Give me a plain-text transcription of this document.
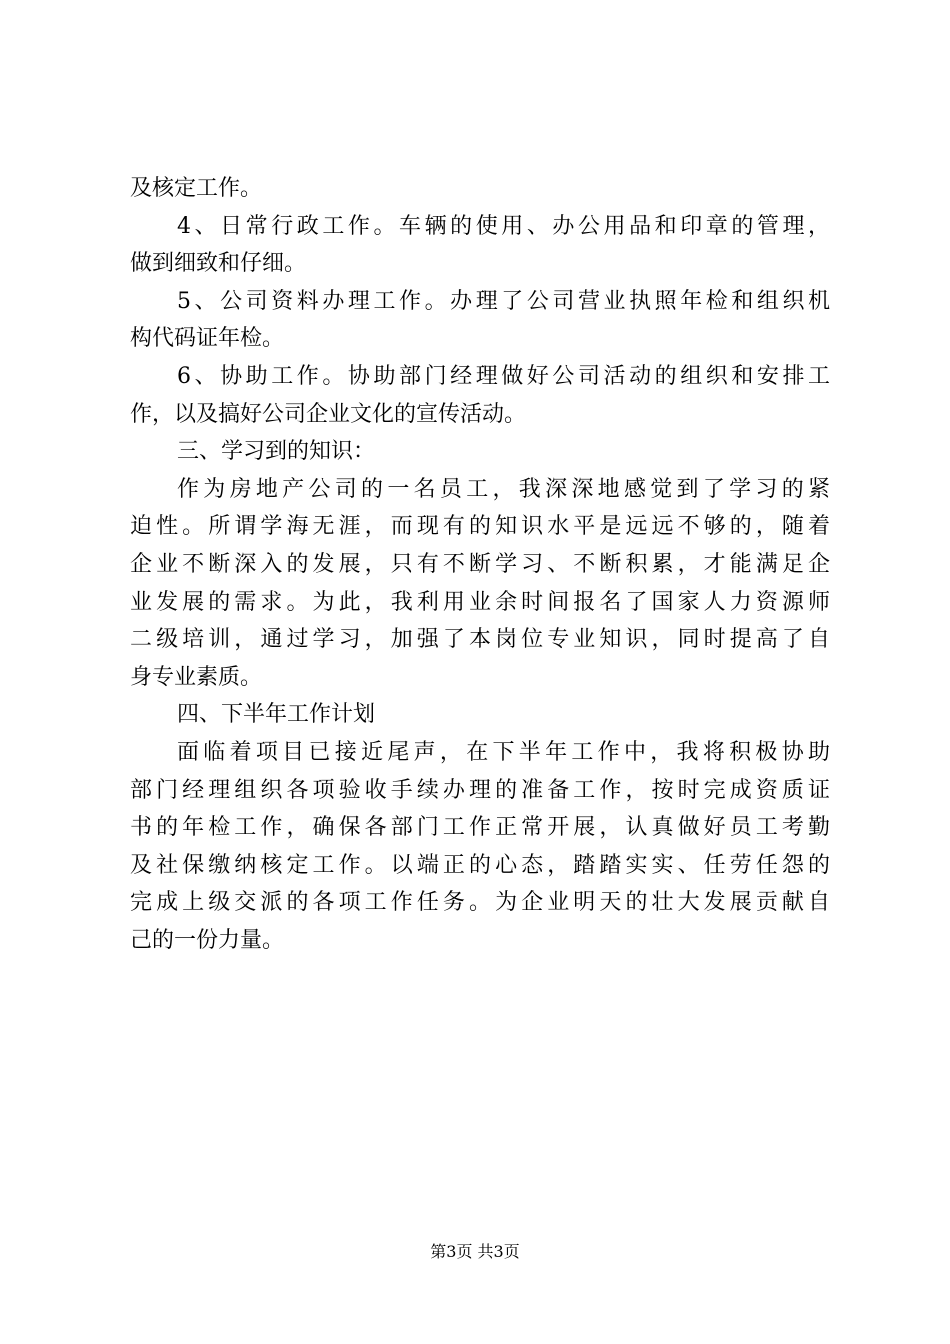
及核定工作。
4、日常行政工作。车辆的使用、办公用品和印章的管理，
做到细致和仔细。
5、公司资料办理工作。办理了公司营业执照年检和组织机
构代码证年检。
6、协助工作。协助部门经理做好公司活动的组织和安排工
作，以及搞好公司企业文化的宣传活动。
三、学习到的知识：
作为房地产公司的一名员工，我深深地感觉到了学习的紧
迫性。所谓学海无涯，而现有的知识水平是远远不够的，随着
企业不断深入的发展，只有不断学习、不断积累，才能满足企
业发展的需求。为此，我利用业余时间报名了国家人力资源师
二级培训，通过学习，加强了本岗位专业知识，同时提高了自
身专业素质。
四、下半年工作计划
面临着项目已接近尾声，在下半年工作中，我将积极协助
部门经理组织各项验收手续办理的准备工作，按时完成资质证
书的年检工作，确保各部门工作正常开展，认真做好员工考勤
及社保缴纳核定工作。以端正的心态，踏踏实实、任劳任怨的
完成上级交派的各项工作任务。为企业明天的壮大发展贡献自
己的一份力量。
第3页 共3页
